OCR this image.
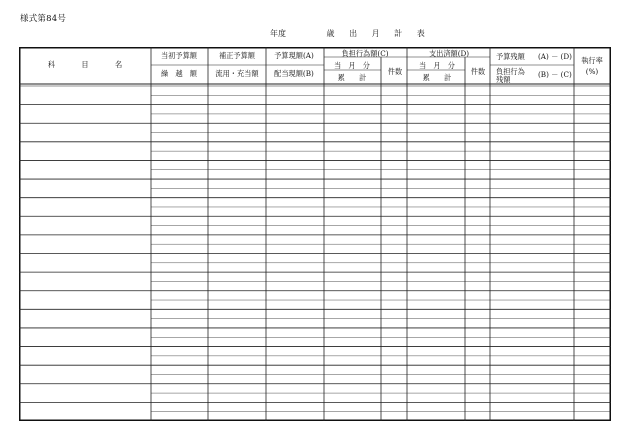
様式第84号
年度	歳 出 月 計 表
科　　目　　名
当初予算額
繰　越　額
補正予算額
流用・充当額
予算現額(A)
配当現額(B)
負担行為額(C)
当　月　分
累　　計
件数
支出済額(D)
当　月　分
累　　計
件数
予算残額 (A) － (D)
負担行為
残額
(B) － (C)
執行率
(%)
